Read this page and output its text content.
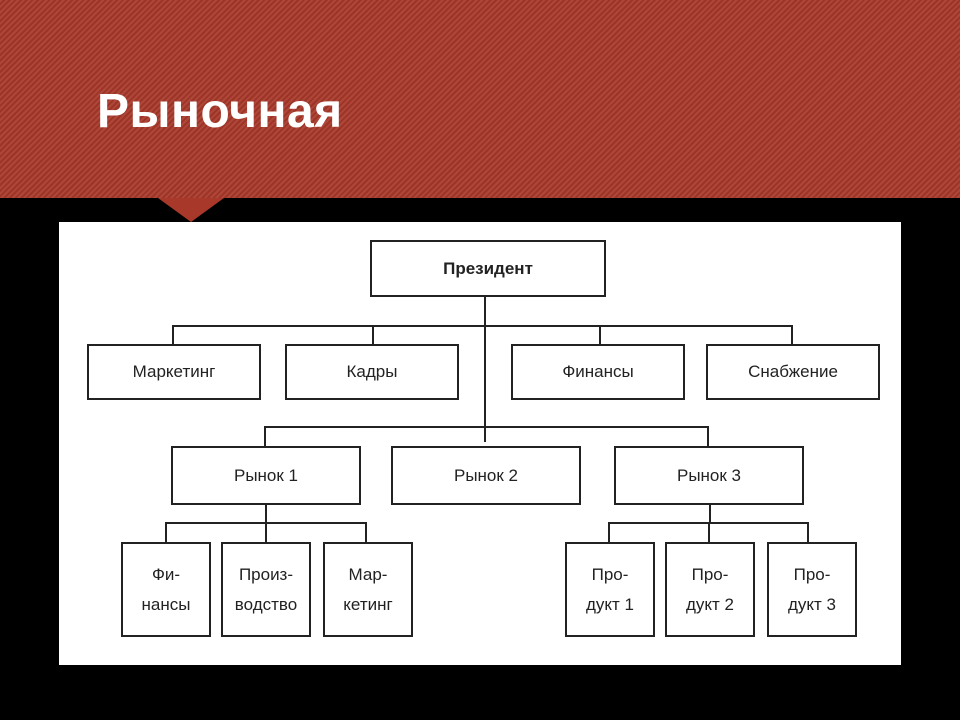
Рыночная
Президент
Маркетинг	Кадры	Финансы	Снабжение
Рынок 1	Рынок 2	Рынок 3
Фи-
нансы
Произ-
водство
Мар-
кетинг
Про-
дукт 1
Про-
дукт 2
Про-
дукт 3
